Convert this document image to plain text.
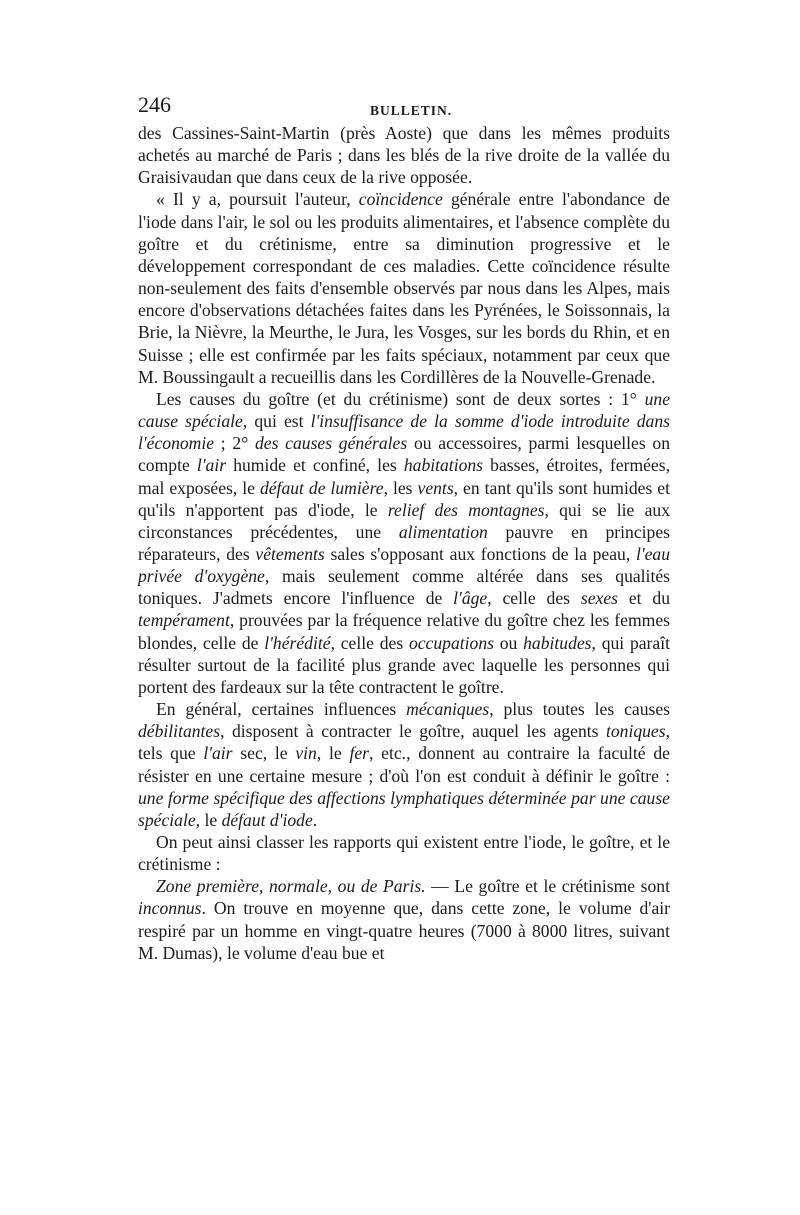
246	BULLETIN.

des Cassines-Saint-Martin (près Aoste) que dans les mêmes produits achetés au marché de Paris ; dans les blés de la rive droite de la vallée du Graisivaudan que dans ceux de la rive opposée.

« Il y a, poursuit l'auteur, coïncidence générale entre l'abondance de l'iode dans l'air, le sol ou les produits alimentaires, et l'absence complète du goître et du crétinisme, entre sa diminution progressive et le développement correspondant de ces maladies. Cette coïncidence résulte non-seulement des faits d'ensemble observés par nous dans les Alpes, mais encore d'observations détachées faites dans les Pyrénées, le Soissonnais, la Brie, la Nièvre, la Meurthe, le Jura, les Vosges, sur les bords du Rhin, et en Suisse ; elle est confirmée par les faits spéciaux, notamment par ceux que M. Boussingault a recueillis dans les Cordillères de la Nouvelle-Grenade.

Les causes du goître (et du crétinisme) sont de deux sortes : 1° une cause spéciale, qui est l'insuffisance de la somme d'iode introduite dans l'économie ; 2° des causes générales ou accessoires, parmi lesquelles on compte l'air humide et confiné, les habitations basses, étroites, fermées, mal exposées, le défaut de lumière, les vents, en tant qu'ils sont humides et qu'ils n'apportent pas d'iode, le relief des montagnes, qui se lie aux circonstances précédentes, une alimentation pauvre en principes réparateurs, des vêtements sales s'opposant aux fonctions de la peau, l'eau privée d'oxygène, mais seulement comme altérée dans ses qualités toniques. J'admets encore l'influence de l'âge, celle des sexes et du tempérament, prouvées par la fréquence relative du goître chez les femmes blondes, celle de l'hérédité, celle des occupations ou habitudes, qui paraît résulter surtout de la facilité plus grande avec laquelle les personnes qui portent des fardeaux sur la tête contractent le goître.

En général, certaines influences mécaniques, plus toutes les causes débilitantes, disposent à contracter le goître, auquel les agents toniques, tels que l'air sec, le vin, le fer, etc., donnent au contraire la faculté de résister en une certaine mesure ; d'où l'on est conduit à définir le goître : une forme spécifique des affections lymphatiques déterminée par une cause spéciale, le défaut d'iode.

On peut ainsi classer les rapports qui existent entre l'iode, le goître, et le crétinisme :

Zone première, normale, ou de Paris. — Le goître et le crétinisme sont inconnus. On trouve en moyenne que, dans cette zone, le volume d'air respiré par un homme en vingt-quatre heures (7000 à 8000 litres, suivant M. Dumas), le volume d'eau bue et
